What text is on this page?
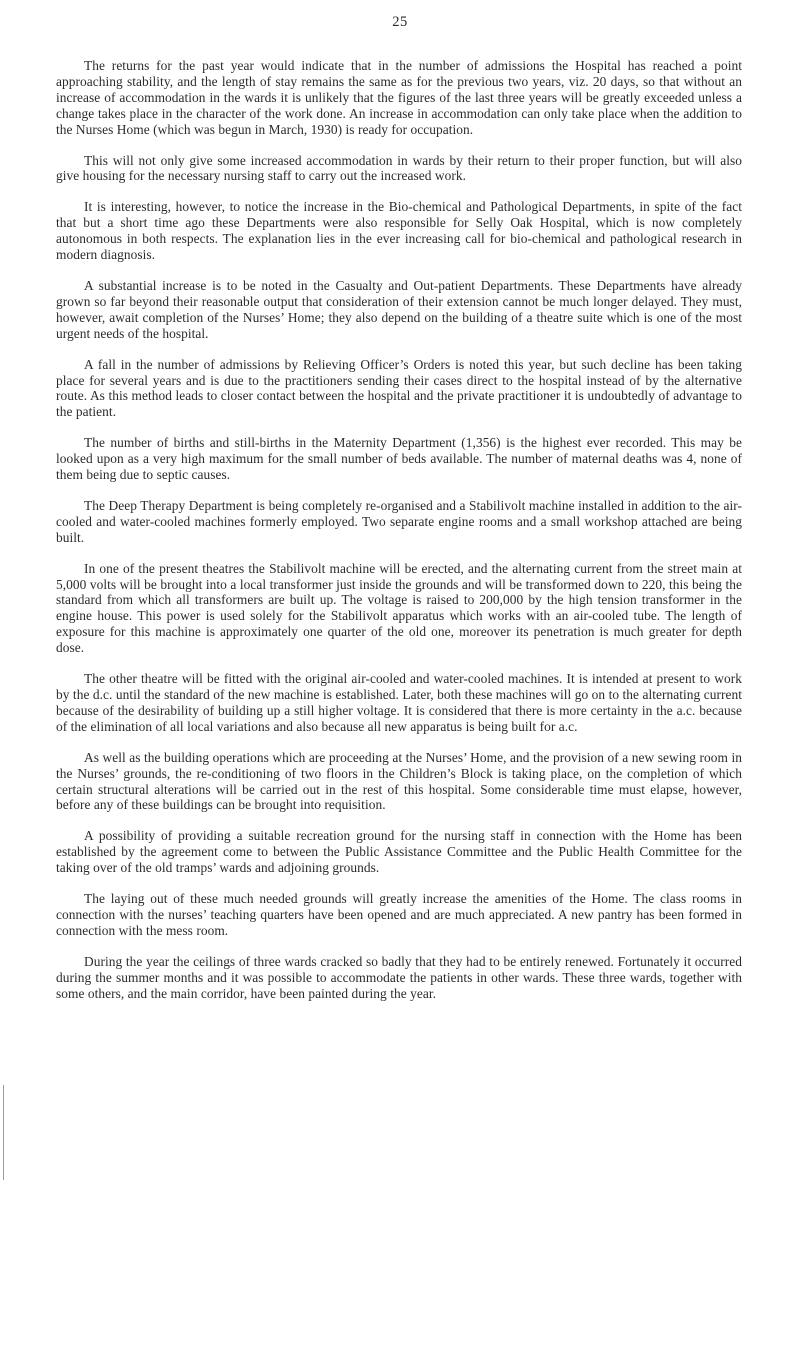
25

The returns for the past year would indicate that in the number of admissions the Hospital has reached a point approaching stability, and the length of stay remains the same as for the previous two years, viz. 20 days, so that without an increase of accommodation in the wards it is unlikely that the figures of the last three years will be greatly exceeded unless a change takes place in the character of the work done. An increase in accommodation can only take place when the addition to the Nurses Home (which was begun in March, 1930) is ready for occupation.

This will not only give some increased accommodation in wards by their return to their proper function, but will also give housing for the necessary nursing staff to carry out the increased work.

It is interesting, however, to notice the increase in the Bio-chemical and Pathological Departments, in spite of the fact that but a short time ago these Departments were also responsible for Selly Oak Hospital, which is now completely autonomous in both respects. The explanation lies in the ever increasing call for bio-chemical and pathological research in modern diagnosis.

A substantial increase is to be noted in the Casualty and Out-patient Departments. These Departments have already grown so far beyond their reasonable output that consideration of their extension cannot be much longer delayed. They must, however, await completion of the Nurses’ Home; they also depend on the building of a theatre suite which is one of the most urgent needs of the hospital.

A fall in the number of admissions by Relieving Officer’s Orders is noted this year, but such decline has been taking place for several years and is due to the practitioners sending their cases direct to the hospital instead of by the alternative route. As this method leads to closer contact between the hospital and the private practitioner it is undoubtedly of advantage to the patient.

The number of births and still-births in the Maternity Department (1,356) is the highest ever recorded. This may be looked upon as a very high maximum for the small number of beds available. The number of maternal deaths was 4, none of them being due to septic causes.

The Deep Therapy Department is being completely re-organised and a Stabilivolt machine installed in addition to the air-cooled and water-cooled machines formerly employed. Two separate engine rooms and a small workshop attached are being built.

In one of the present theatres the Stabilivolt machine will be erected, and the alternating current from the street main at 5,000 volts will be brought into a local transformer just inside the grounds and will be transformed down to 220, this being the standard from which all transformers are built up. The voltage is raised to 200,000 by the high tension transformer in the engine house. This power is used solely for the Stabilivolt apparatus which works with an air-cooled tube. The length of exposure for this machine is approximately one quarter of the old one, moreover its penetration is much greater for depth dose.

The other theatre will be fitted with the original air-cooled and water-cooled machines. It is intended at present to work by the d.c. until the standard of the new machine is established. Later, both these machines will go on to the alternating current because of the desirability of building up a still higher voltage. It is considered that there is more certainty in the a.c. because of the elimination of all local variations and also because all new apparatus is being built for a.c.

As well as the building operations which are proceeding at the Nurses’ Home, and the provision of a new sewing room in the Nurses’ grounds, the re-conditioning of two floors in the Children’s Block is taking place, on the completion of which certain structural alterations will be carried out in the rest of this hospital. Some considerable time must elapse, however, before any of these buildings can be brought into requisition.

A possibility of providing a suitable recreation ground for the nursing staff in connection with the Home has been established by the agreement come to between the Public Assistance Committee and the Public Health Committee for the taking over of the old tramps’ wards and adjoining grounds.

The laying out of these much needed grounds will greatly increase the amenities of the Home. The class rooms in connection with the nurses’ teaching quarters have been opened and are much appreciated. A new pantry has been formed in connection with the mess room.

During the year the ceilings of three wards cracked so badly that they had to be entirely renewed. Fortunately it occurred during the summer months and it was possible to accommodate the patients in other wards. These three wards, together with some others, and the main corridor, have been painted during the year.
